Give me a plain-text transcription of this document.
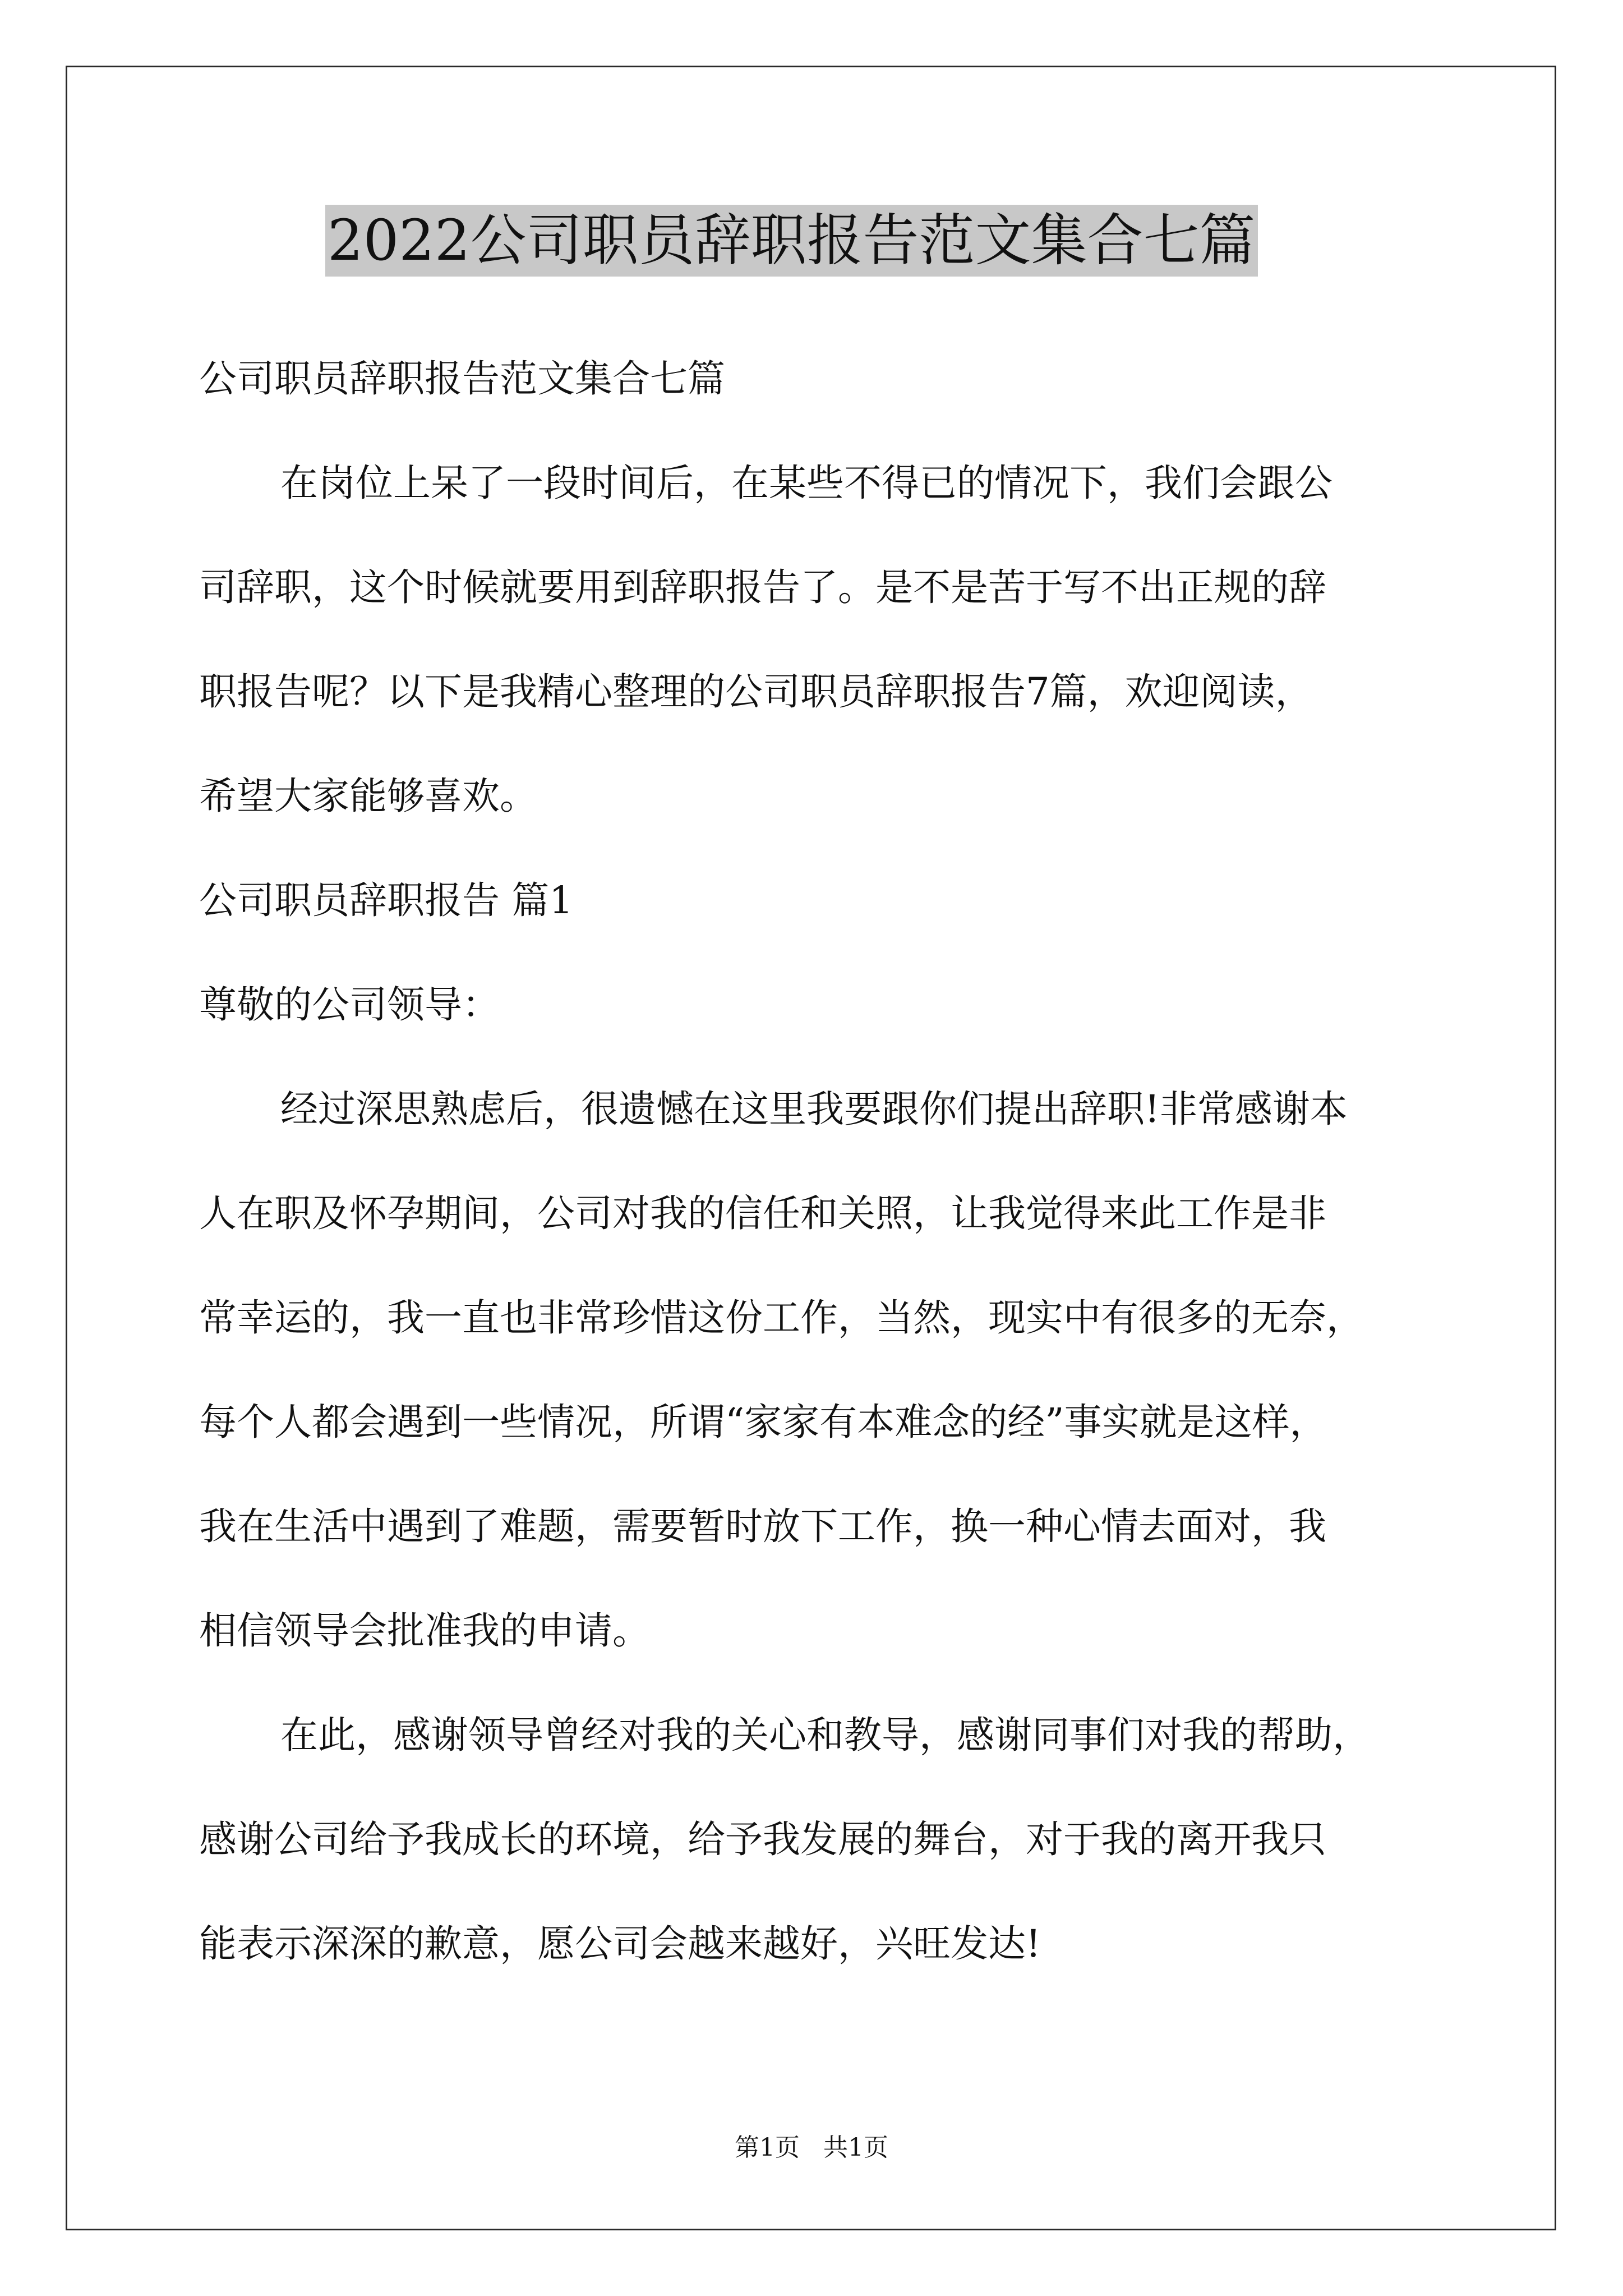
2022公司职员辞职报告范文集合七篇
公司职员辞职报告范文集合七篇
在岗位上呆了一段时间后，在某些不得已的情况下，我们会跟公
司辞职，这个时候就要用到辞职报告了。是不是苦于写不出正规的辞
职报告呢？以下是我精心整理的公司职员辞职报告7篇，欢迎阅读，
希望大家能够喜欢。
公司职员辞职报告 篇1
尊敬的公司领导：
经过深思熟虑后，很遗憾在这里我要跟你们提出辞职!非常感谢本
人在职及怀孕期间，公司对我的信任和关照，让我觉得来此工作是非
常幸运的，我一直也非常珍惜这份工作，当然，现实中有很多的无奈，
每个人都会遇到一些情况，所谓“家家有本难念的经”事实就是这样，
我在生活中遇到了难题，需要暂时放下工作，换一种心情去面对，我
相信领导会批准我的申请。
在此，感谢领导曾经对我的关心和教导，感谢同事们对我的帮助，
感谢公司给予我成长的环境，给予我发展的舞台，对于我的离开我只
能表示深深的歉意，愿公司会越来越好，兴旺发达!
第1页   共1页
